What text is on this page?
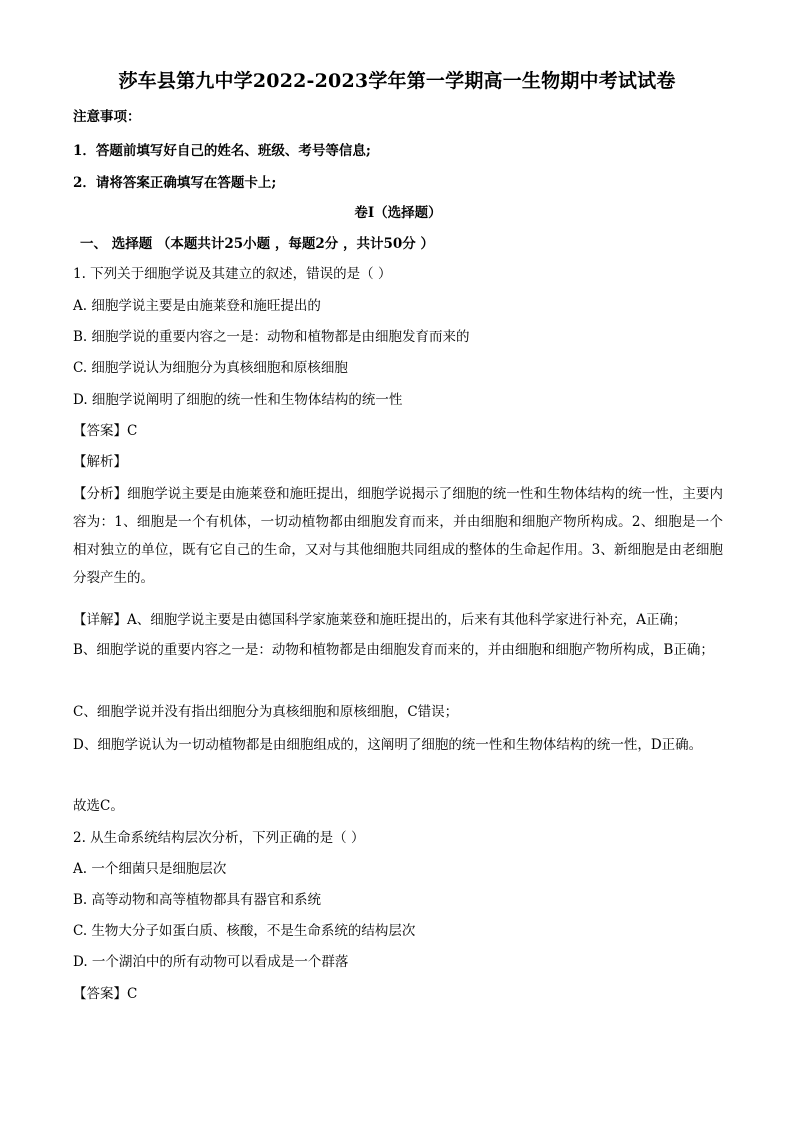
莎车县第九中学2022-2023学年第一学期高一生物期中考试试卷
注意事项：
1．答题前填写好自己的姓名、班级、考号等信息;
2．请将答案正确填写在答题卡上;
卷I（选择题）
一、 选择题 （本题共计25小题 ，每题2分 ，共计50分 ）
1. 下列关于细胞学说及其建立的叙述，错误的是（ ）
A. 细胞学说主要是由施莱登和施旺提出的
B. 细胞学说的重要内容之一是：动物和植物都是由细胞发育而来的
C. 细胞学说认为细胞分为真核细胞和原核细胞
D. 细胞学说阐明了细胞的统一性和生物体结构的统一性
【答案】C
【解析】
【分析】细胞学说主要是由施莱登和施旺提出，细胞学说揭示了细胞的统一性和生物体结构的统一性，主要内容为：1、细胞是一个有机体，一切动植物都由细胞发育而来，并由细胞和细胞产物所构成。2、细胞是一个相对独立的单位，既有它自己的生命，又对与其他细胞共同组成的整体的生命起作用。3、新细胞是由老细胞分裂产生的。
【详解】A、细胞学说主要是由德国科学家施莱登和施旺提出的，后来有其他科学家进行补充，A正确；
B、细胞学说的重要内容之一是：动物和植物都是由细胞发育而来的，并由细胞和细胞产物所构成，B正确；
C、细胞学说并没有指出细胞分为真核细胞和原核细胞，C错误；
D、细胞学说认为一切动植物都是由细胞组成的，这阐明了细胞的统一性和生物体结构的统一性，D正确。
故选C。
2. 从生命系统结构层次分析，下列正确的是（ ）
A. 一个细菌只是细胞层次
B. 高等动物和高等植物都具有器官和系统
C. 生物大分子如蛋白质、核酸，不是生命系统的结构层次
D. 一个湖泊中的所有动物可以看成是一个群落
【答案】C
